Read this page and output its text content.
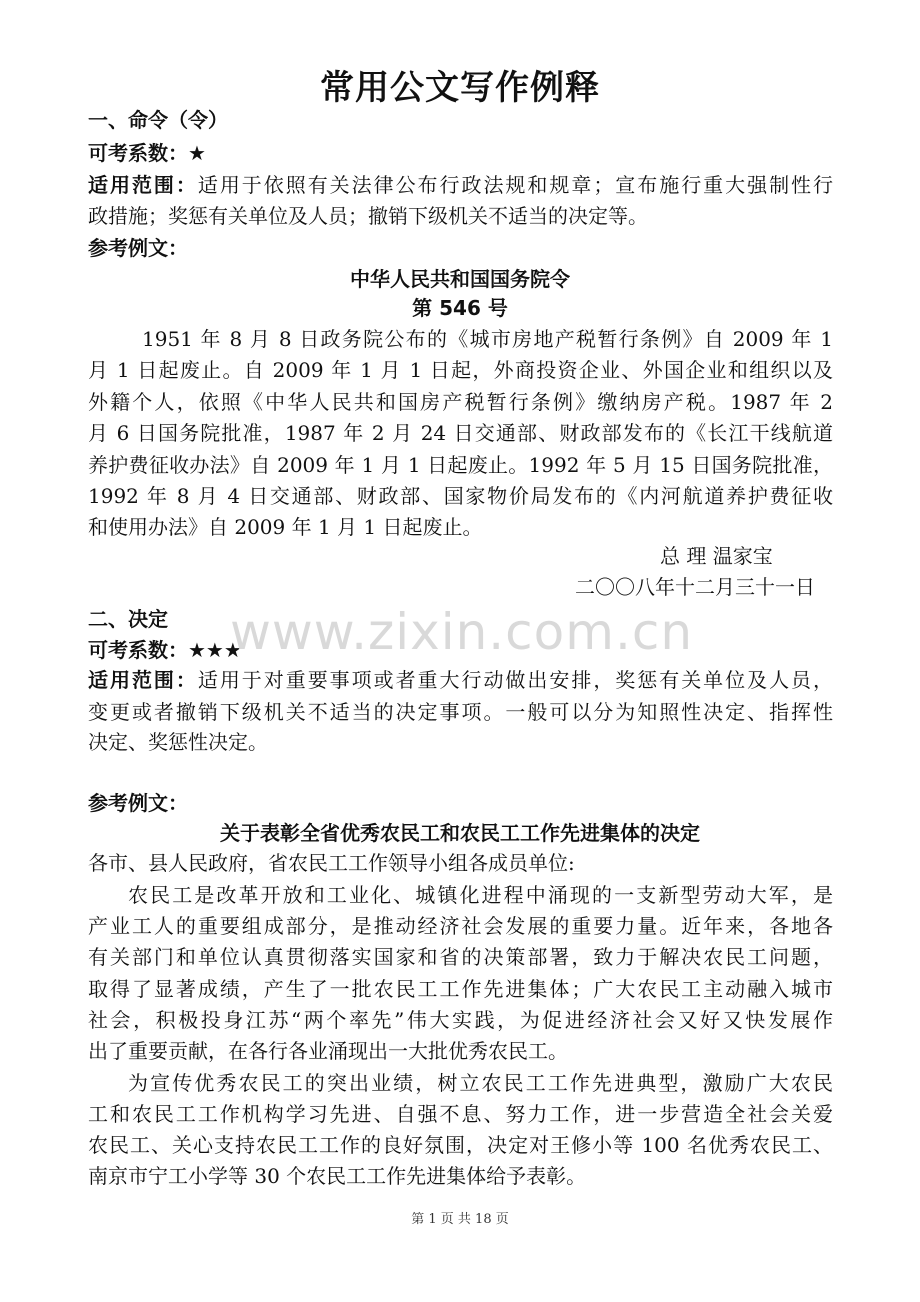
常用公文写作例释
一、命令（令）
可考系数：★
适用范围：适用于依照有关法律公布行政法规和规章；宣布施行重大强制性行
政措施；奖惩有关单位及人员；撤销下级机关不适当的决定等。
参考例文：
中华人民共和国国务院令
第 546 号
1951 年 8 月 8 日政务院公布的《城市房地产税暂行条例》自 2009 年 1
月 1 日起废止。自 2009 年 1 月 1 日起，外商投资企业、外国企业和组织以及
外籍个人，依照《中华人民共和国房产税暂行条例》缴纳房产税。1987 年 2
月 6 日国务院批准，1987 年 2 月 24 日交通部、财政部发布的《长江干线航道
养护费征收办法》自 2009 年 1 月 1 日起废止。1992 年 5 月 15 日国务院批准，
1992 年 8 月 4 日交通部、财政部、国家物价局发布的《内河航道养护费征收
和使用办法》自 2009 年 1 月 1 日起废止。
总 理 温家宝
二〇〇八年十二月三十一日
二、决定
可考系数：★★★
适用范围：适用于对重要事项或者重大行动做出安排，奖惩有关单位及人员，
变更或者撤销下级机关不适当的决定事项。一般可以分为知照性决定、指挥性
决定、奖惩性决定。
参考例文：
关于表彰全省优秀农民工和农民工工作先进集体的决定
各市、县人民政府，省农民工工作领导小组各成员单位:
农民工是改革开放和工业化、城镇化进程中涌现的一支新型劳动大军，是
产业工人的重要组成部分，是推动经济社会发展的重要力量。近年来，各地各
有关部门和单位认真贯彻落实国家和省的决策部署，致力于解决农民工问题，
取得了显著成绩，产生了一批农民工工作先进集体；广大农民工主动融入城市
社会，积极投身江苏“两个率先”伟大实践，为促进经济社会又好又快发展作
出了重要贡献，在各行各业涌现出一大批优秀农民工。
为宣传优秀农民工的突出业绩，树立农民工工作先进典型，激励广大农民
工和农民工工作机构学习先进、自强不息、努力工作，进一步营造全社会关爱
农民工、关心支持农民工工作的良好氛围，决定对王修小等 100 名优秀农民工、
南京市宁工小学等 30 个农民工工作先进集体给予表彰。
www.zixin.com.cn
第 1 页 共 18 页
